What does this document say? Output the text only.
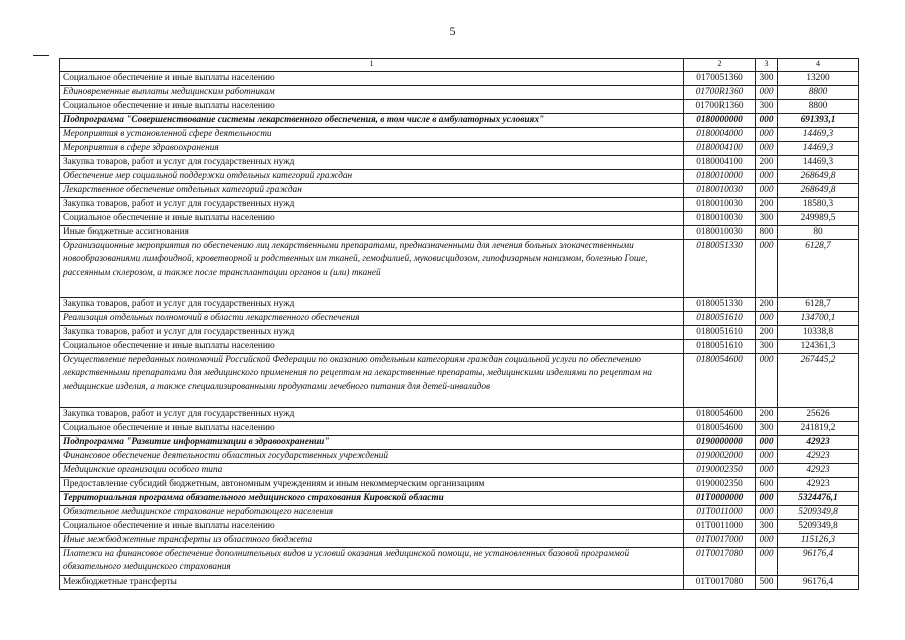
5
1	2	3	4
Социальное обеспечение и иные выплаты населению	0170051360	300	13200
Единовременные выплаты медицинским работникам	01700R1360	000	8800
Социальное обеспечение и иные выплаты населению	01700R1360	300	8800
Подпрограмма "Совершенствование системы лекарственного обеспечения, в том числе в амбулаторных условиях"	0180000000	000	691393,1
Мероприятия в установленной сфере деятельности	0180004000	000	14469,3
Мероприятия в сфере здравоохранения	0180004100	000	14469,3
Закупка товаров, работ и услуг для государственных нужд	0180004100	200	14469,3
Обеспечение мер социальной поддержки отдельных категорий граждан	0180010000	000	268649,8
Лекарственное обеспечение отдельных категорий граждан	0180010030	000	268649,8
Закупка товаров, работ и услуг для государственных нужд	0180010030	200	18580,3
Социальное обеспечение и иные выплаты населению	0180010030	300	249989,5
Иные бюджетные ассигнования	0180010030	800	80
Организационные мероприятия по обеспечению лиц лекарственными препаратами, предназначенными для лечения больных злокачественными новообразованиями лимфоидной, кроветворной и родственных им тканей, гемофилией, муковисцидозом, гипофизарным нанизмом, болезнью Гоше, рассеянным склерозом, а также после трансплантации органов и (или) тканей	0180051330	000	6128,7
Закупка товаров, работ и услуг для государственных нужд	0180051330	200	6128,7
Реализация отдельных полномочий в области лекарственного обеспечения	0180051610	000	134700,1
Закупка товаров, работ и услуг для государственных нужд	0180051610	200	10338,8
Социальное обеспечение и иные выплаты населению	0180051610	300	124361,3
Осуществление переданных полномочий Российской Федерации по оказанию отдельным категориям граждан социальной услуги по обеспечению лекарственными препаратами для медицинского применения по рецептам на лекарственные препараты, медицинскими изделиями по рецептам на медицинские изделия, а также специализированными продуктами лечебного питания для детей-инвалидов	0180054600	000	267445,2
Закупка товаров, работ и услуг для государственных нужд	0180054600	200	25626
Социальное обеспечение и иные выплаты населению	0180054600	300	241819,2
Подпрограмма "Развитие информатизации в здравоохранении"	0190000000	000	42923
Финансовое обеспечение деятельности областных государственных учреждений	0190002000	000	42923
Медицинские организации особого типа	0190002350	000	42923
Предоставление субсидий бюджетным, автономным учреждениям и иным некоммерческим организациям	0190002350	600	42923
Территориальная программа обязательного медицинского страхования Кировской области	01Т0000000	000	5324476,1
Обязательное медицинское страхование неработающего населения	01Т0011000	000	5209349,8
Социальное обеспечение и иные выплаты населению	01Т0011000	300	5209349,8
Иные межбюджетные трансферты из областного бюджета	01Т0017000	000	115126,3
Платежи на финансовое обеспечение дополнительных видов и условий оказания медицинской помощи, не установленных базовой программой обязательного медицинского страхования	01Т0017080	000	96176,4
Межбюджетные трансферты	01Т0017080	500	96176,4
